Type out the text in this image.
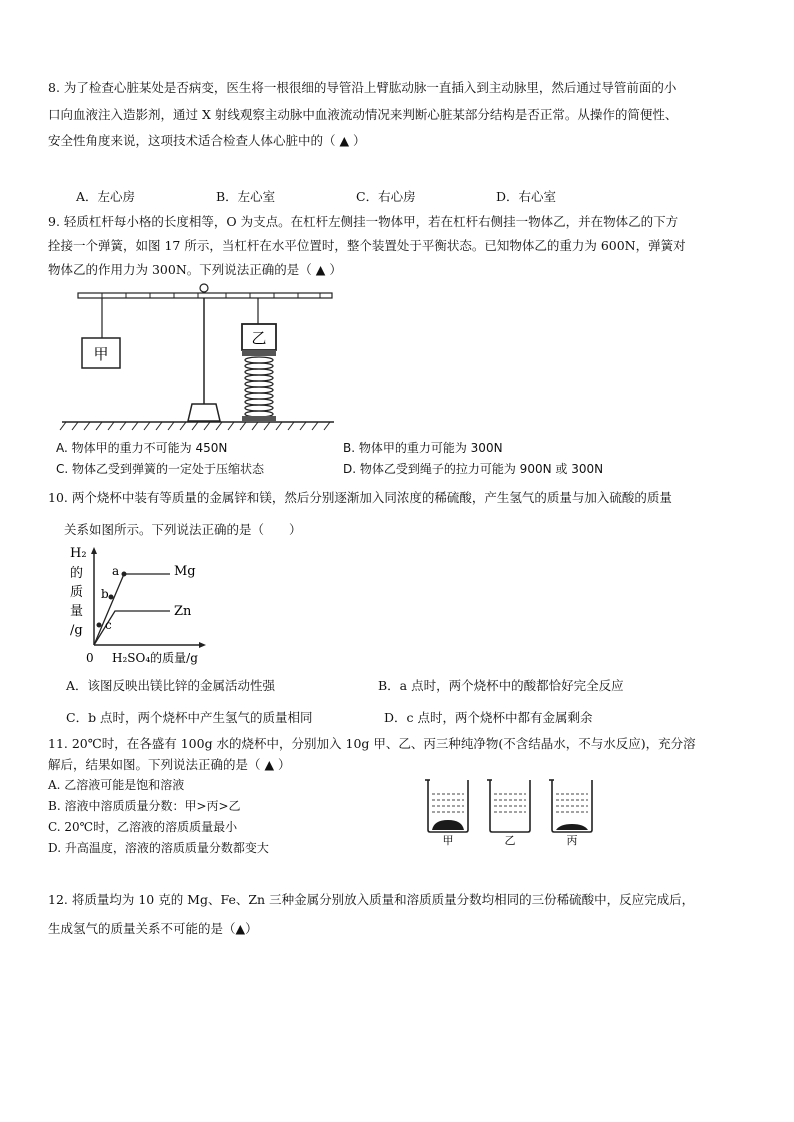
8. 为了检查心脏某处是否病变，医生将一根很细的导管沿上臂肱动脉一直插入到主动脉里，然后通过导管前面的小
口向血液注入造影剂，通过 X 射线观察主动脉中血液流动情况来判断心脏某部分结构是否正常。从操作的简便性、
安全性角度来说，这项技术适合检查人体心脏中的（ ▲ ）
A．左心房	B．左心室	C．右心房	D．右心室
9. 轻质杠杆每小格的长度相等，O 为支点。在杠杆左侧挂一物体甲，若在杠杆右侧挂一物体乙，并在物体乙的下方
拴接一个弹簧，如图 17 所示，当杠杆在水平位置时，整个装置处于平衡状态。已知物体乙的重力为 600N，弹簧对
物体乙的作用力为 300N。下列说法正确的是（ ▲ ）
甲
乙
A. 物体甲的重力不可能为 450N	B. 物体甲的重力可能为 300N
C. 物体乙受到弹簧的一定处于压缩状态	D. 物体乙受到绳子的拉力可能为 900N 或 300N
10. 两个烧杯中装有等质量的金属锌和镁，然后分别逐渐加入同浓度的稀硫酸，产生氢气的质量与加入硫酸的质量
关系如图所示。下列说法正确的是（　　）
H₂
的
质
量
/g
a
b
c
Mg
Zn
0 H₂SO₄的质量/g
A．该图反映出镁比锌的金属活动性强	B．a 点时，两个烧杯中的酸都恰好完全反应
C．b 点时，两个烧杯中产生氢气的质量相同	D．c 点时，两个烧杯中都有金属剩余
11. 20℃时，在各盛有 100g 水的烧杯中，分别加入 10g 甲、乙、丙三种纯净物(不含结晶水，不与水反应)，充分溶
解后，结果如图。下列说法正确的是（ ▲ ）
A. 乙溶液可能是饱和溶液
B. 溶液中溶质质量分数：甲>丙>乙
C. 20℃时，乙溶液的溶质质量最小
D. 升高温度，溶液的溶质质量分数都变大
甲	乙	丙
12. 将质量均为 10 克的 Mg、Fe、Zn 三种金属分别放入质量和溶质质量分数均相同的三份稀硫酸中，反应完成后，
生成氢气的质量关系不可能的是（▲）
